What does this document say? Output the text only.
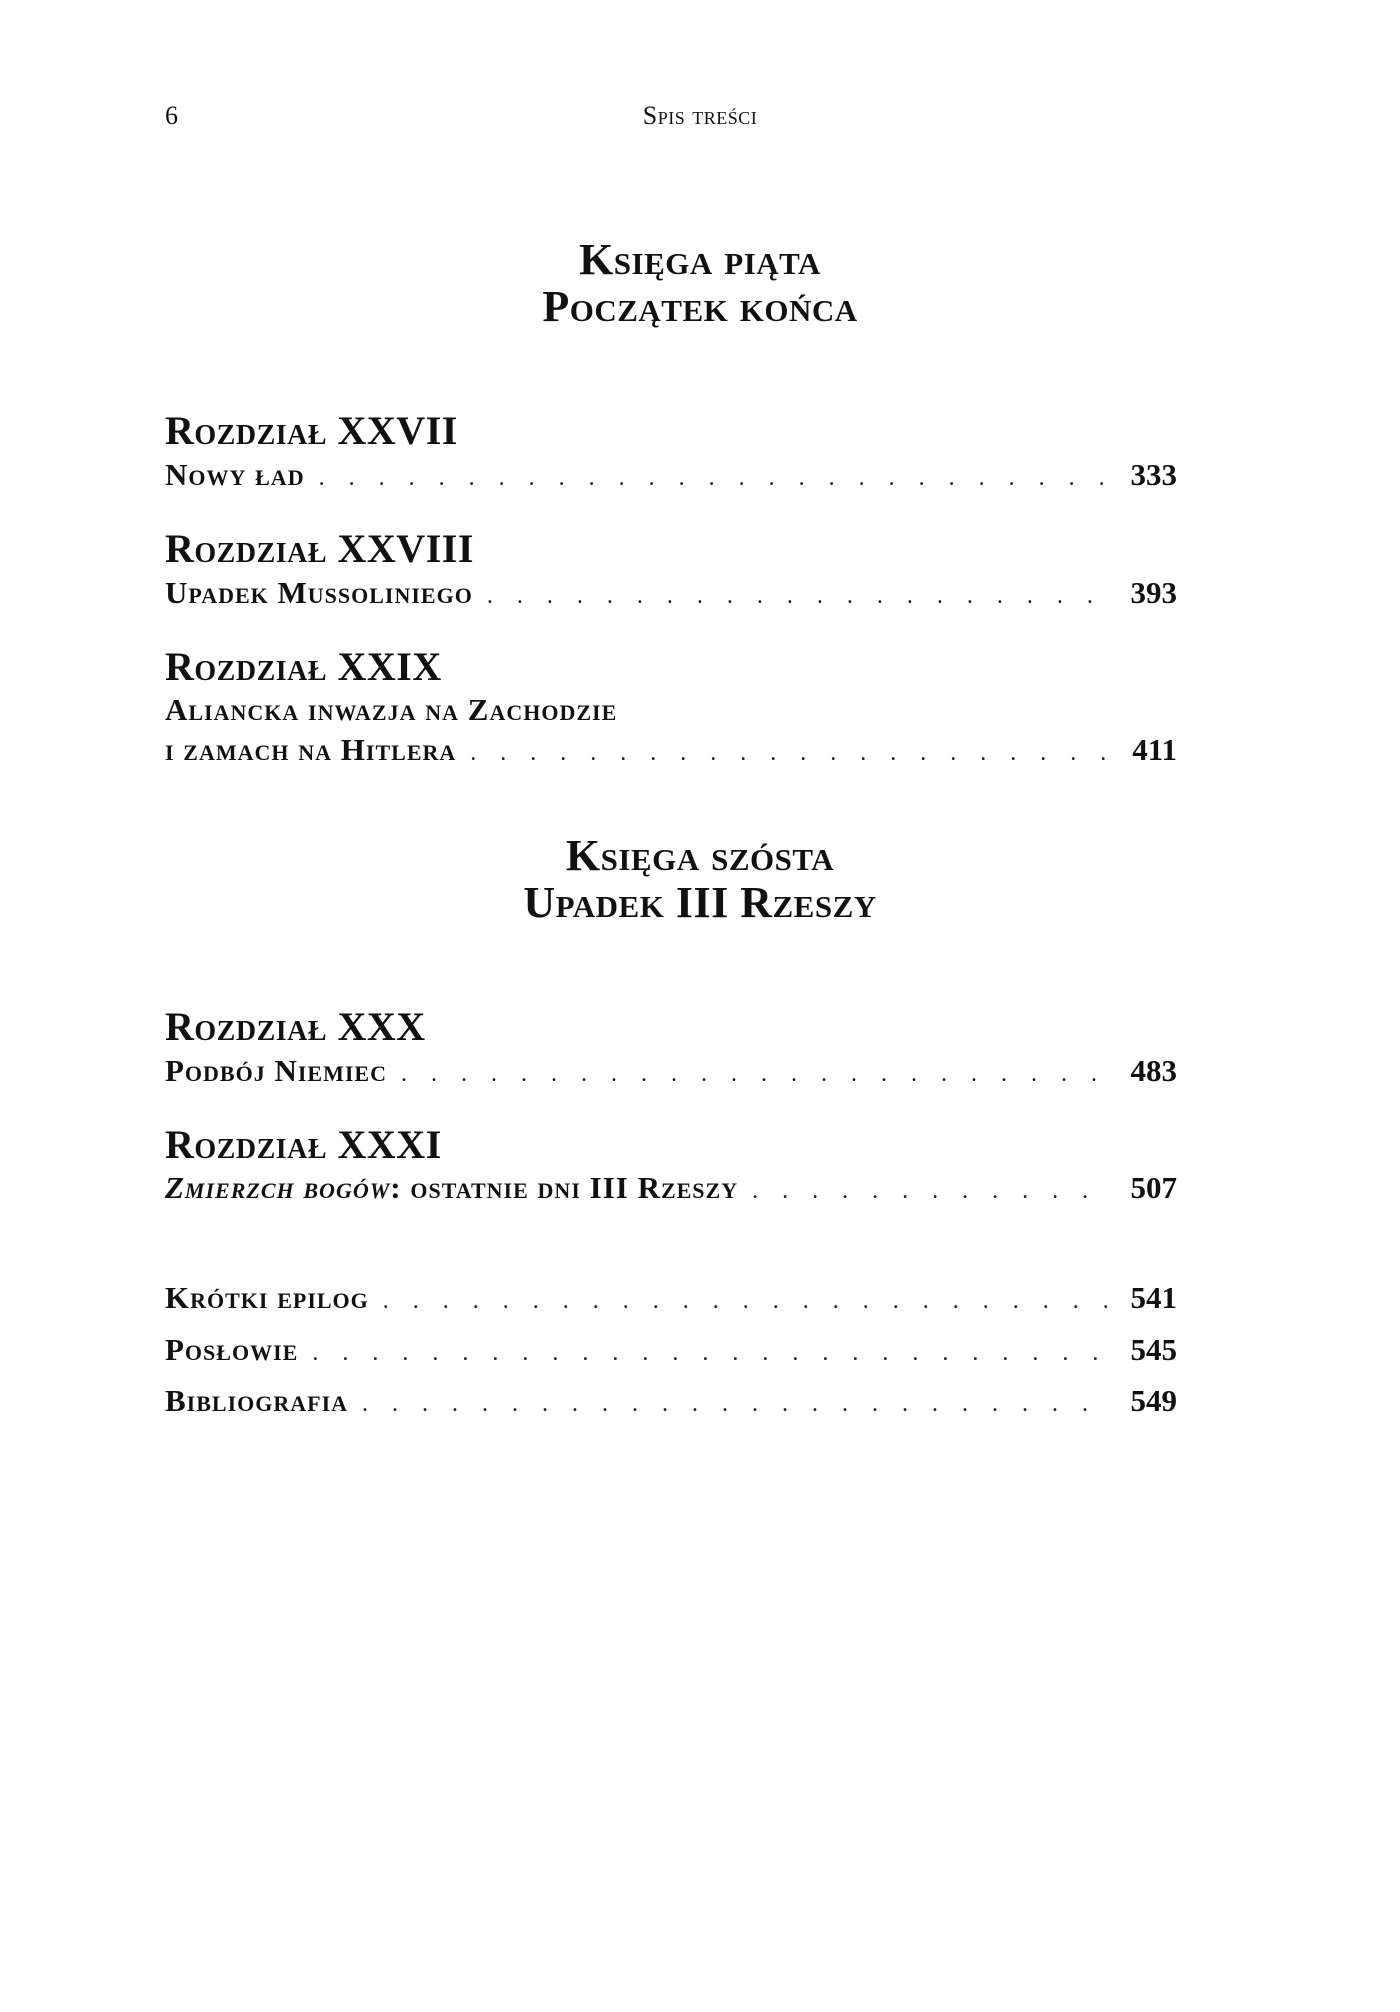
6	Spis treści
Księga piąta
Początek końca
Rozdział XXVII
Nowy ład . . .	333
Rozdział XXVIII
Upadek Mussoliniego . . .	393
Rozdział XXIX
Aliancka inwazja na Zachodzie
i zamach na Hitlera . . .	411
Księga szósta
Upadek III Rzeszy
Rozdział XXX
Podbój Niemiec . . .	483
Rozdział XXXI
Zmierzch bogów: ostatnie dni III Rzeszy . . .	507
Krótki epilog . . .	541
Posłowie . . .	545
Bibliografia . . .	549
